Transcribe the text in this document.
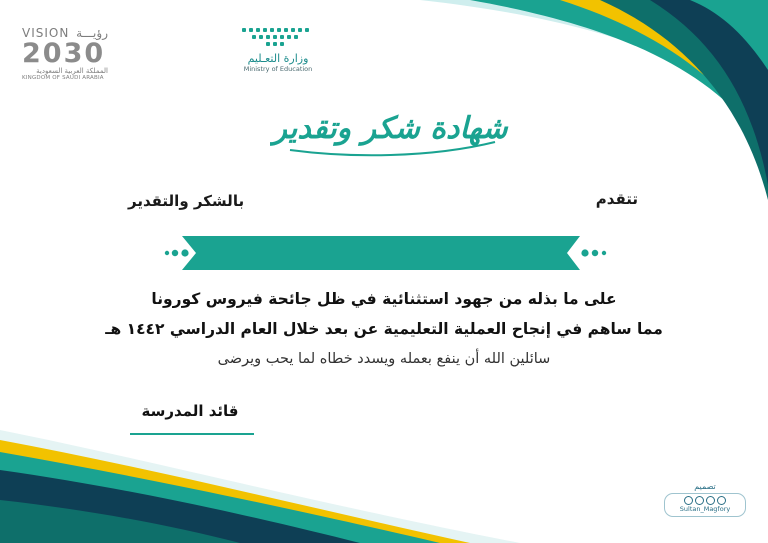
VISION رؤيـــة
2030
المملكة العربية السعودية
KINGDOM OF SAUDI ARABIA
وزارة التعـليم
Ministry of Education
شهادة شكر وتقدير
تتقدم
بالشكر والتقدير
على ما بذله من جهود استثنائية في ظل جائحة فيروس كورونا
مما ساهم في إنجاح العملية التعليمية عن بعد خلال العام الدراسي ١٤٤٢ هـ
سائلين الله أن ينفع بعمله ويسدد خطاه لما يحب ويرضى
قائد المدرسة
تصميم
Sultan_Magfory
